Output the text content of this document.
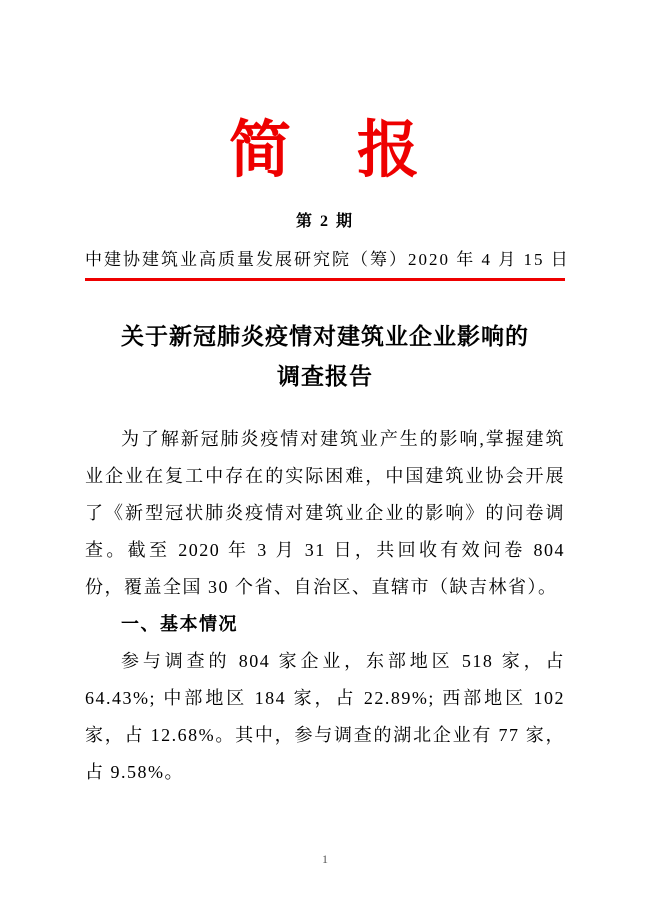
简　报
第 2 期
中建协建筑业高质量发展研究院（筹） 2020 年 4 月 15 日
关于新冠肺炎疫情对建筑业企业影响的
调查报告

为了解新冠肺炎疫情对建筑业产生的影响,掌握建筑业企业在复工中存在的实际困难，中国建筑业协会开展了《新型冠状肺炎疫情对建筑业企业的影响》的问卷调查。截至 2020 年 3 月 31 日，共回收有效问卷 804 份，覆盖全国 30 个省、自治区、直辖市（缺吉林省）。

一、基本情况

参与调查的 804 家企业，东部地区 518 家，占 64.43%; 中部地区 184 家，占 22.89%; 西部地区 102 家，占 12.68%。其中，参与调查的湖北企业有 77 家，占 9.58%。

1
